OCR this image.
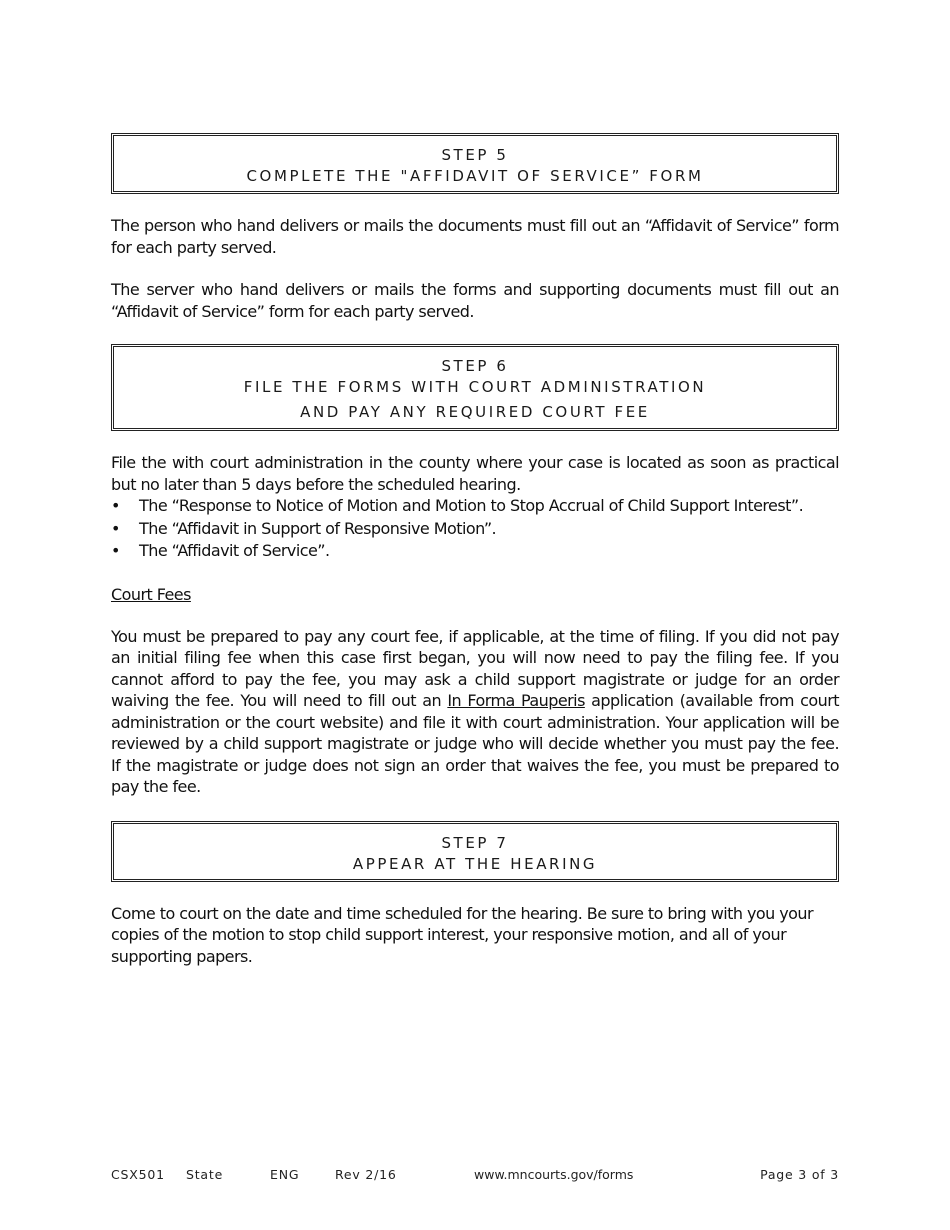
STEP 5
COMPLETE THE "AFFIDAVIT OF SERVICE” FORM

The person who hand delivers or mails the documents must fill out an “Affidavit of Service” form for each party served.

The server who hand delivers or mails the forms and supporting documents must fill out an “Affidavit of Service” form for each party served.

STEP 6
FILE THE FORMS WITH COURT ADMINISTRATION
AND PAY ANY REQUIRED COURT FEE

File the with court administration in the county where your case is located as soon as practical but no later than 5 days before the scheduled hearing.

• The “Response to Notice of Motion and Motion to Stop Accrual of Child Support Interest”.
• The “Affidavit in Support of Responsive Motion”.
• The “Affidavit of Service”.

Court Fees

You must be prepared to pay any court fee, if applicable, at the time of filing. If you did not pay an initial filing fee when this case first began, you will now need to pay the filing fee. If you cannot afford to pay the fee, you may ask a child support magistrate or judge for an order waiving the fee. You will need to fill out an In Forma Pauperis application (available from court administration or the court website) and file it with court administration. Your application will be reviewed by a child support magistrate or judge who will decide whether you must pay the fee. If the magistrate or judge does not sign an order that waives the fee, you must be prepared to pay the fee.

STEP 7
APPEAR AT THE HEARING

Come to court on the date and time scheduled for the hearing. Be sure to bring with you your copies of the motion to stop child support interest, your responsive motion, and all of your supporting papers.

CSX501 State	ENG	Rev 2/16	www.mncourts.gov/forms	Page 3 of 3
